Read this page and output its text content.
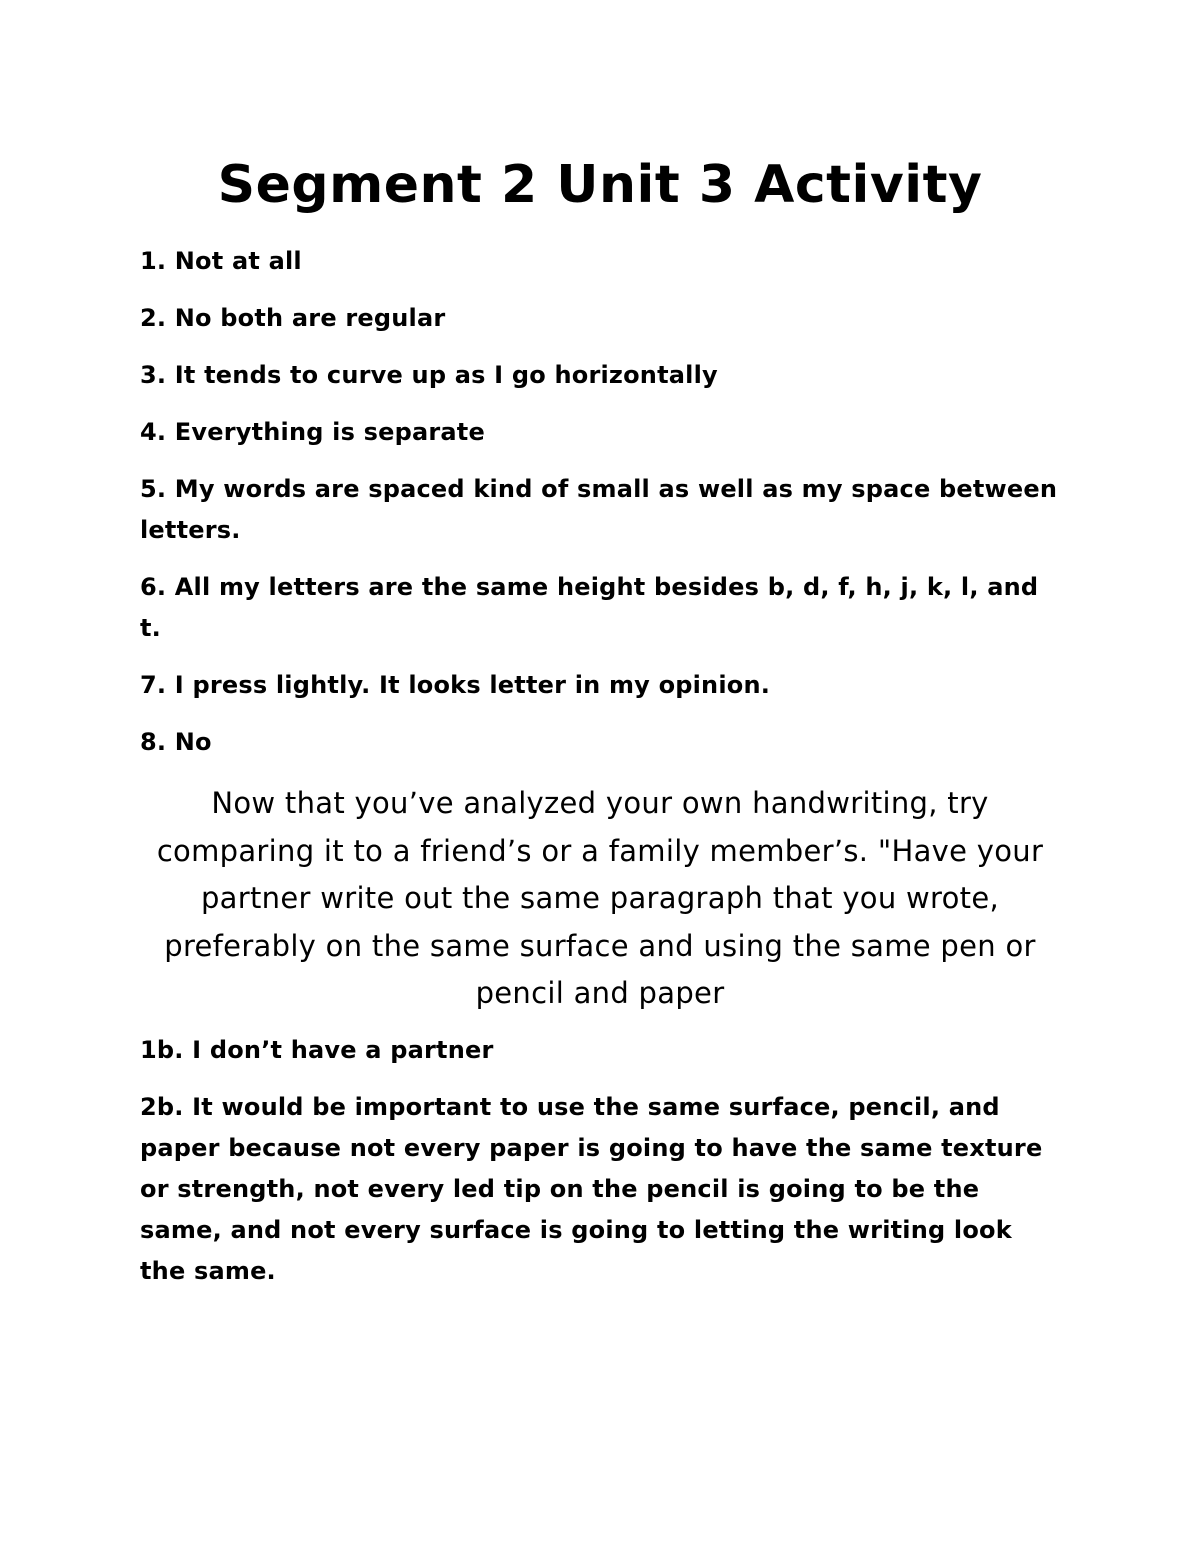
Segment 2 Unit 3 Activity
1. Not at all
2. No both are regular
3. It tends to curve up as I go horizontally
4. Everything is separate
5. My words are spaced kind of small as well as my space between letters.
6. All my letters are the same height besides b, d, f, h, j, k, l, and t.
7. I press lightly. It looks letter in my opinion.
8. No
Now that you’ve analyzed your own handwriting, try comparing it to a friend’s or a family member’s. "Have your partner write out the same paragraph that you wrote, preferably on the same surface and using the same pen or pencil and paper
1b. I don’t have a partner
2b. It would be important to use the same surface, pencil, and paper because not every paper is going to have the same texture or strength, not every led tip on the pencil is going to be the same, and not every surface is going to letting the writing look the same.
